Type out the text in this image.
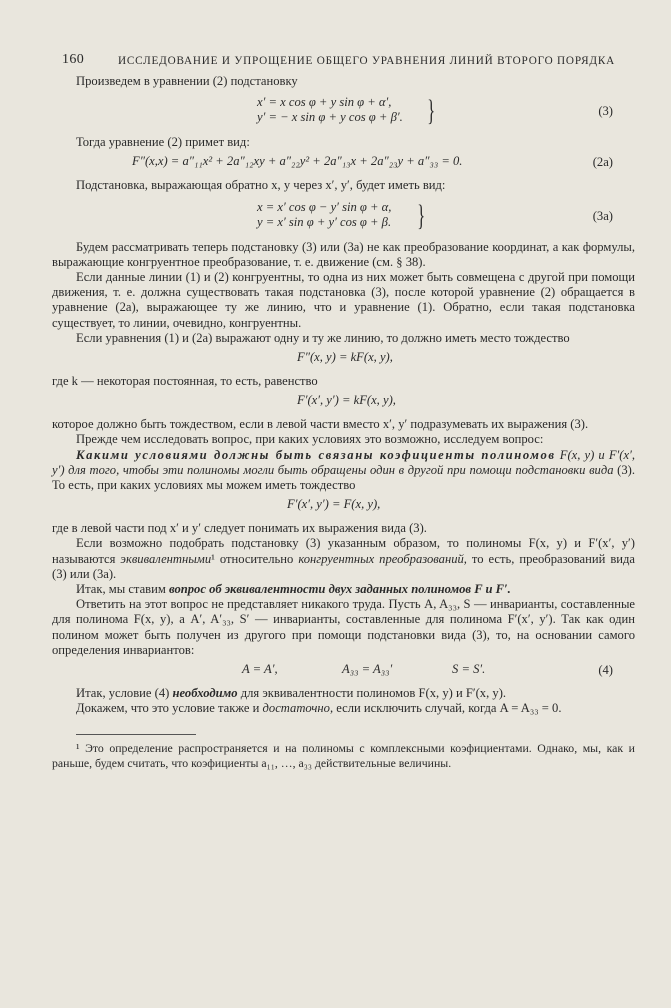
160	ИССЛЕДОВАНИЕ И УПРОЩЕНИЕ ОБЩЕГО УРАВНЕНИЯ ЛИНИЙ ВТОРОГО ПОРЯДКА

Произведем в уравнении (2) подстановку

x′ = x cos φ + y sin φ + α′,
y′ = − x sin φ + y cos φ + β′. }	(3)

Тогда уравнение (2) примет вид:

F″(x,x) = a″₁₁x² + 2a″₁₂xy + a″₂₂y² + 2a″₁₃x + 2a″₂₃y + a″₃₃ = 0.	(2a)

Подстановка, выражающая обратно x, y через x′, y′, будет иметь вид:

x = x′ cos φ − y′ sin φ + α,
y = x′ sin φ + y′ cos φ + β. }	(3a)

Будем рассматривать теперь подстановку (3) или (3a) не как преобразование координат, а как формулы, выражающие конгруентное преобразование, т. е. движение (см. § 38).

Если данные линии (1) и (2) конгруентны, то одна из них может быть совмещена с другой при помощи движения, т. е. должна существовать такая подстановка (3), после которой уравнение (2) обращается в уравнение (2a), выражающее ту же линию, что и уравнение (1). Обратно, если такая подстановка существует, то линии, очевидно, конгруентны.

Если уравнения (1) и (2a) выражают одну и ту же линию, то должно иметь место тождество

F″(x, y) = kF(x, y),

где k — некоторая постоянная, то есть, равенство

F′(x′, y′) = kF(x, y),

которое должно быть тождеством, если в левой части вместо x′, y′ подразумевать их выражения (3).

Прежде чем исследовать вопрос, при каких условиях это возможно, исследуем вопрос:

Какими условиями должны быть связаны коэфициенты полиномов F(x, y) и F′(x′, y′) для того, чтобы эти полиномы могли быть обращены один в другой при помощи подстановки вида (3). То есть, при каких условиях мы можем иметь тождество

F′(x′, y′) = F(x, y),

где в левой части под x′ и y′ следует понимать их выражения вида (3).

Если возможно подобрать подстановку (3) указанным образом, то полиномы F(x, y) и F′(x′, y′) называются эквивалентными¹ относительно конгруентных преобразований, то есть, преобразований вида (3) или (3a).

Итак, мы ставим вопрос об эквивалентности двух заданных полиномов F и F′.

Ответить на этот вопрос не представляет никакого труда. Пусть A, A₃₃, S — инварианты, составленные для полинома F(x, y), а A′, A′₃₃, S′ — инварианты, составленные для полинома F′(x′, y′). Так как один полином может быть получен из другого при помощи подстановки вида (3), то, на основании самого определения инвариантов:

A = A′,	A₃₃ = A₃₃′	S = S′.	(4)

Итак, условие (4) необходимо для эквивалентности полиномов F(x, y) и F′(x, y).

Докажем, что это условие также и достаточно, если исключить случай, когда A = A₃₃ = 0.

¹ Это определение распространяется и на полиномы с комплексными коэфициентами. Однако, мы, как и раньше, будем считать, что коэфициенты a₁₁, …, a₃₃ действительные величины.
